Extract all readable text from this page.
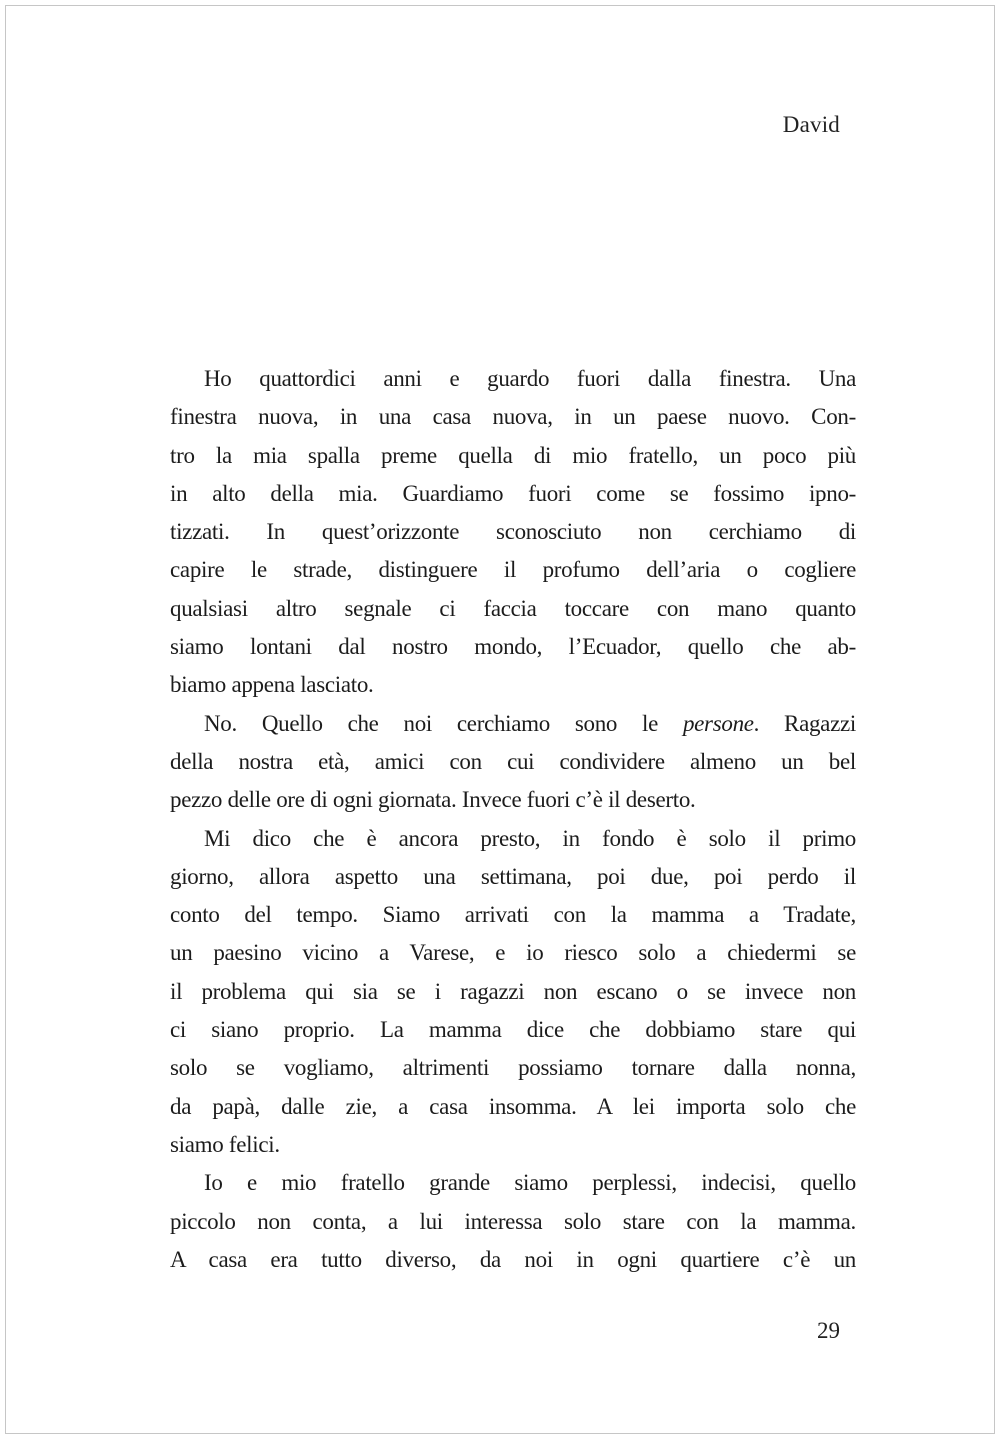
David
Ho quattordici anni e guardo fuori dalla finestra. Una
finestra nuova, in una casa nuova, in un paese nuovo. Con-
tro la mia spalla preme quella di mio fratello, un poco più
in alto della mia. Guardiamo fuori come se fossimo ipno-
tizzati. In quest’orizzonte sconosciuto non cerchiamo di
capire le strade, distinguere il profumo dell’aria o cogliere
qualsiasi altro segnale ci faccia toccare con mano quanto
siamo lontani dal nostro mondo, l’Ecuador, quello che ab-
biamo appena lasciato.
No. Quello che noi cerchiamo sono le persone. Ragazzi
della nostra età, amici con cui condividere almeno un bel
pezzo delle ore di ogni giornata. Invece fuori c’è il deserto.
Mi dico che è ancora presto, in fondo è solo il primo
giorno, allora aspetto una settimana, poi due, poi perdo il
conto del tempo. Siamo arrivati con la mamma a Tradate,
un paesino vicino a Varese, e io riesco solo a chiedermi se
il problema qui sia se i ragazzi non escano o se invece non
ci siano proprio. La mamma dice che dobbiamo stare qui
solo se vogliamo, altrimenti possiamo tornare dalla nonna,
da papà, dalle zie, a casa insomma. A lei importa solo che
siamo felici.
Io e mio fratello grande siamo perplessi, indecisi, quello
piccolo non conta, a lui interessa solo stare con la mamma.
A casa era tutto diverso, da noi in ogni quartiere c’è un
29
